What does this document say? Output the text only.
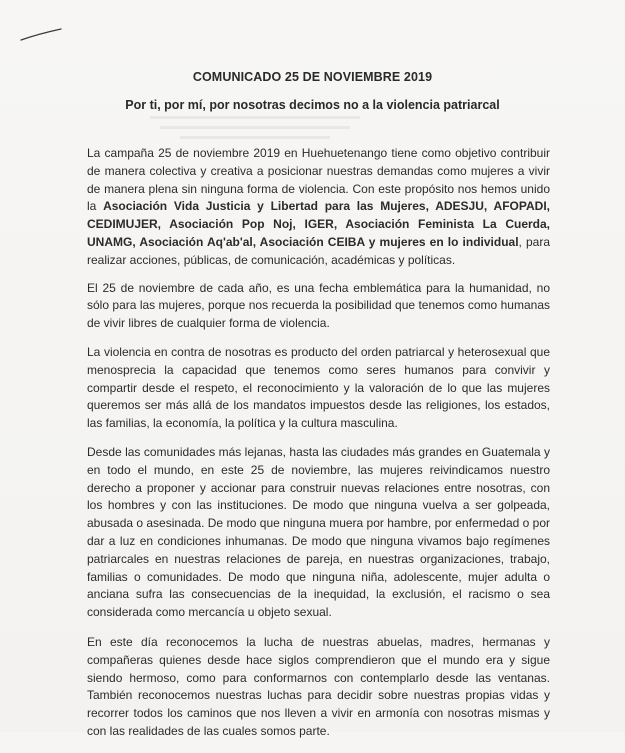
COMUNICADO 25 DE NOVIEMBRE 2019

Por ti, por mí, por nosotras decimos no a la violencia patriarcal

La campaña 25 de noviembre 2019 en Huehuetenango tiene como objetivo contribuir de manera colectiva y creativa a posicionar nuestras demandas como mujeres a vivir de manera plena sin ninguna forma de violencia. Con este propósito nos hemos unido la Asociación Vida Justicia y Libertad para las Mujeres, ADESJU, AFOPADI, CEDIMUJER, Asociación Pop Noj, IGER, Asociación Feminista La Cuerda, UNAMG, Asociación Aq'ab'al, Asociación CEIBA y mujeres en lo individual, para realizar acciones, públicas, de comunicación, académicas y políticas.

El 25 de noviembre de cada año, es una fecha emblemática para la humanidad, no sólo para las mujeres, porque nos recuerda la posibilidad que tenemos como humanas de vivir libres de cualquier forma de violencia.

La violencia en contra de nosotras es producto del orden patriarcal y heterosexual que menosprecia la capacidad que tenemos como seres humanos para convivir y compartir desde el respeto, el reconocimiento y la valoración de lo que las mujeres queremos ser más allá de los mandatos impuestos desde las religiones, los estados, las familias, la economía, la política y la cultura masculina.

Desde las comunidades más lejanas, hasta las ciudades más grandes en Guatemala y en todo el mundo, en este 25 de noviembre, las mujeres reivindicamos nuestro derecho a proponer y accionar para construir nuevas relaciones entre nosotras, con los hombres y con las instituciones. De modo que ninguna vuelva a ser golpeada, abusada o asesinada. De modo que ninguna muera por hambre, por enfermedad o por dar a luz en condiciones inhumanas. De modo que ninguna vivamos bajo regímenes patriarcales en nuestras relaciones de pareja, en nuestras organizaciones, trabajo, familias o comunidades. De modo que ninguna niña, adolescente, mujer adulta o anciana sufra las consecuencias de la inequidad, la exclusión, el racismo o sea considerada como mercancía u objeto sexual.

En este día reconocemos la lucha de nuestras abuelas, madres, hermanas y compañeras quienes desde hace siglos comprendieron que el mundo era y sigue siendo hermoso, como para conformarnos con contemplarlo desde las ventanas. También reconocemos nuestras luchas para decidir sobre nuestras propias vidas y recorrer todos los caminos que nos lleven a vivir en armonía con nosotras mismas y con las realidades de las cuales somos parte.
